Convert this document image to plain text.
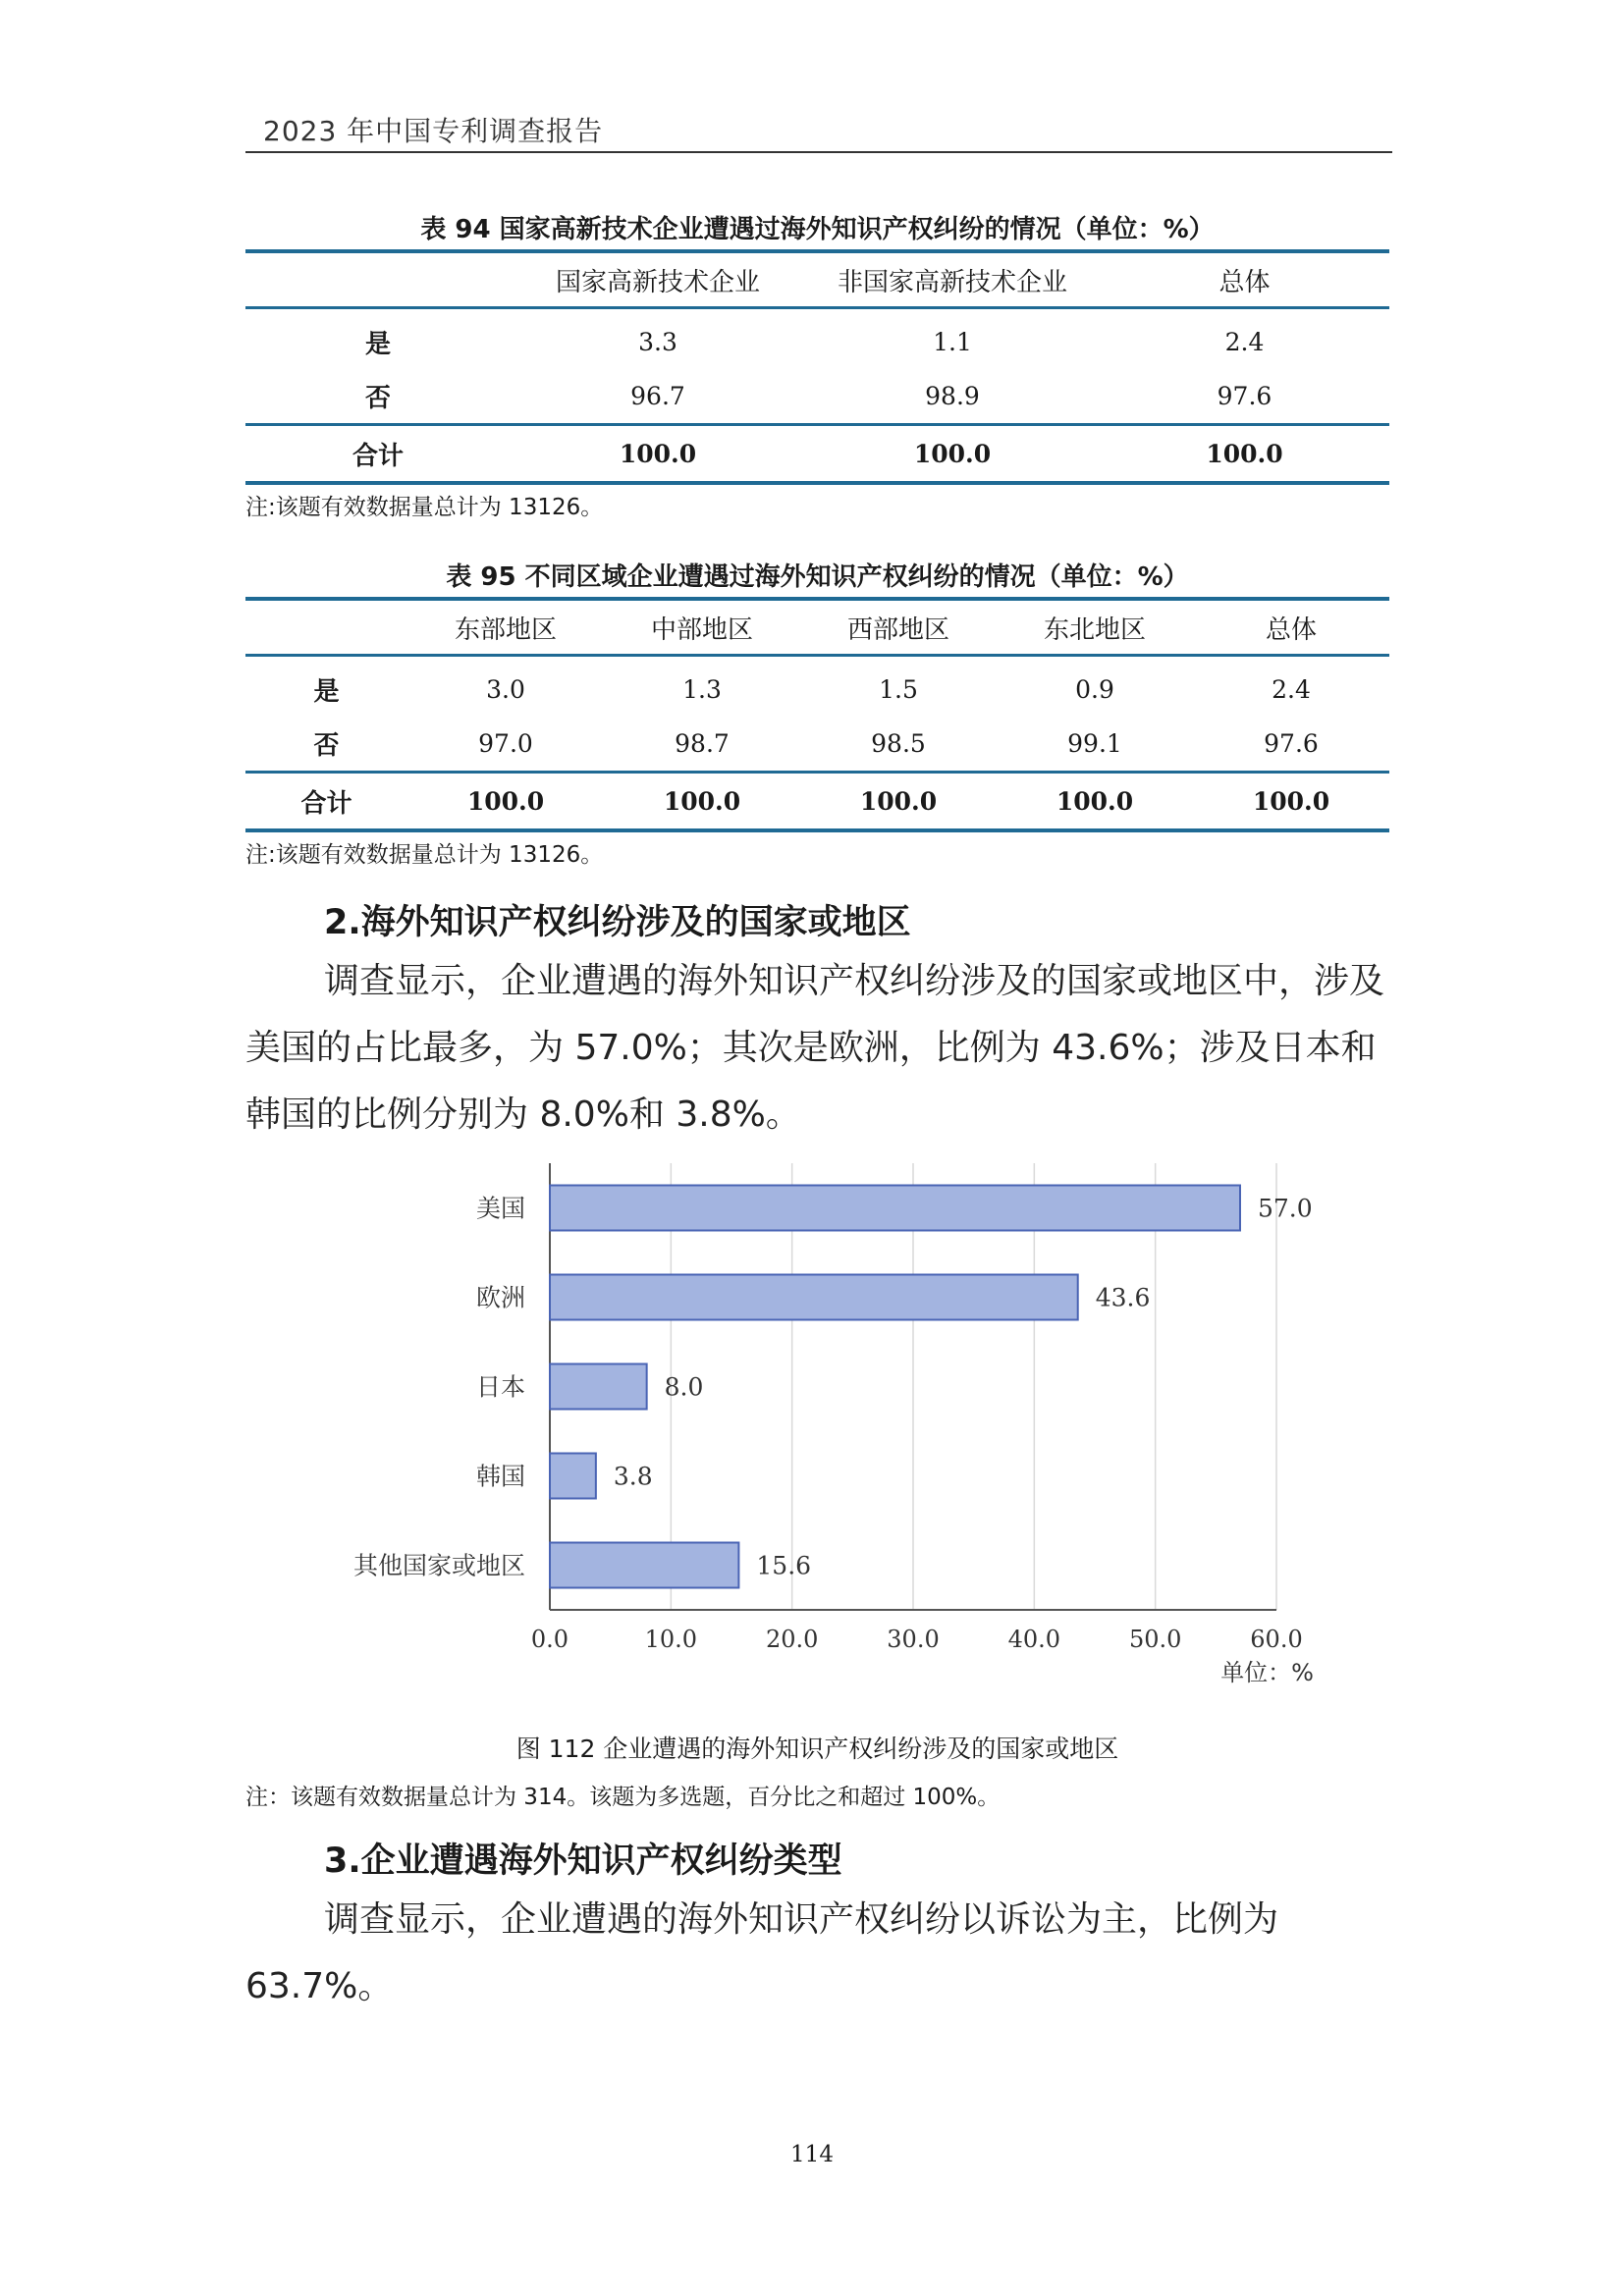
2023 年中国专利调查报告
表 94 国家高新技术企业遭遇过海外知识产权纠纷的情况（单位：%）
	国家高新技术企业	非国家高新技术企业	总体
是	3.3	1.1	2.4
否	96.7	98.9	97.6
合计	100.0	100.0	100.0
注:该题有效数据量总计为 13126。
表 95 不同区域企业遭遇过海外知识产权纠纷的情况（单位：%）
	东部地区	中部地区	西部地区	东北地区	总体
是	3.0	1.3	1.5	0.9	2.4
否	97.0	98.7	98.5	99.1	97.6
合计	100.0	100.0	100.0	100.0	100.0
注:该题有效数据量总计为 13126。
2.海外知识产权纠纷涉及的国家或地区
调查显示，企业遭遇的海外知识产权纠纷涉及的国家或地区中，涉及美国的占比最多，为 57.0%；其次是欧洲，比例为 43.6%；涉及日本和韩国的比例分别为 8.0%和 3.8%。
0.0	10.0	20.0	30.0	40.0	50.0	60.0
单位：%
美国	57.0
欧洲	43.6
日本	8.0
韩国	3.8
其他国家或地区	15.6
图 112 企业遭遇的海外知识产权纠纷涉及的国家或地区
注：该题有效数据量总计为 314。该题为多选题，百分比之和超过 100%。
3.企业遭遇海外知识产权纠纷类型
调查显示，企业遭遇的海外知识产权纠纷以诉讼为主，比例为 63.7%。
114
